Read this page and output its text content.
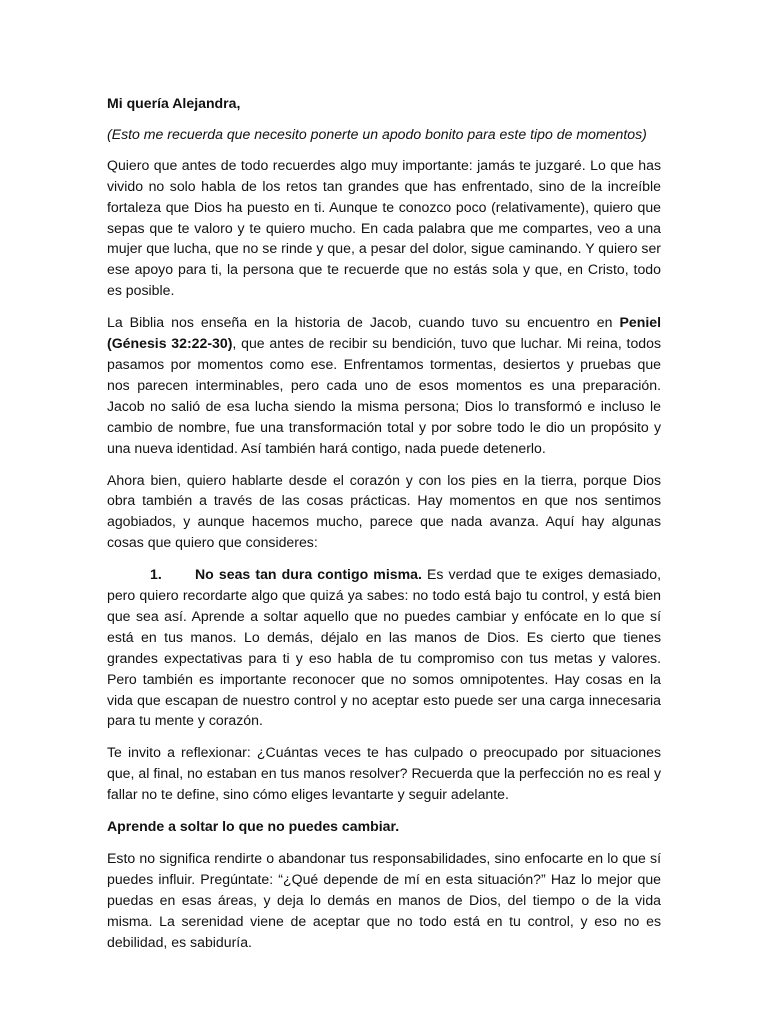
Mi quería Alejandra,

(Esto me recuerda que necesito ponerte un apodo bonito para este tipo de momentos)

Quiero que antes de todo recuerdes algo muy importante: jamás te juzgaré. Lo que has vivido no solo habla de los retos tan grandes que has enfrentado, sino de la increíble fortaleza que Dios ha puesto en ti. Aunque te conozco poco (relativamente), quiero que sepas que te valoro y te quiero mucho. En cada palabra que me compartes, veo a una mujer que lucha, que no se rinde y que, a pesar del dolor, sigue caminando. Y quiero ser ese apoyo para ti, la persona que te recuerde que no estás sola y que, en Cristo, todo es posible.

La Biblia nos enseña en la historia de Jacob, cuando tuvo su encuentro en Peniel (Génesis 32:22-30), que antes de recibir su bendición, tuvo que luchar. Mi reina, todos pasamos por momentos como ese. Enfrentamos tormentas, desiertos y pruebas que nos parecen interminables, pero cada uno de esos momentos es una preparación. Jacob no salió de esa lucha siendo la misma persona; Dios lo transformó e incluso le cambio de nombre, fue una transformación total y por sobre todo le dio un propósito y una nueva identidad. Así también hará contigo, nada puede detenerlo.

Ahora bien, quiero hablarte desde el corazón y con los pies en la tierra, porque Dios obra también a través de las cosas prácticas. Hay momentos en que nos sentimos agobiados, y aunque hacemos mucho, parece que nada avanza. Aquí hay algunas cosas que quiero que consideres:

1. No seas tan dura contigo misma. Es verdad que te exiges demasiado, pero quiero recordarte algo que quizá ya sabes: no todo está bajo tu control, y está bien que sea así. Aprende a soltar aquello que no puedes cambiar y enfócate en lo que sí está en tus manos. Lo demás, déjalo en las manos de Dios. Es cierto que tienes grandes expectativas para ti y eso habla de tu compromiso con tus metas y valores. Pero también es importante reconocer que no somos omnipotentes. Hay cosas en la vida que escapan de nuestro control y no aceptar esto puede ser una carga innecesaria para tu mente y corazón.

Te invito a reflexionar: ¿Cuántas veces te has culpado o preocupado por situaciones que, al final, no estaban en tus manos resolver? Recuerda que la perfección no es real y fallar no te define, sino cómo eliges levantarte y seguir adelante.

Aprende a soltar lo que no puedes cambiar.

Esto no significa rendirte o abandonar tus responsabilidades, sino enfocarte en lo que sí puedes influir. Pregúntate: “¿Qué depende de mí en esta situación?” Haz lo mejor que puedas en esas áreas, y deja lo demás en manos de Dios, del tiempo o de la vida misma. La serenidad viene de aceptar que no todo está en tu control, y eso no es debilidad, es sabiduría.
